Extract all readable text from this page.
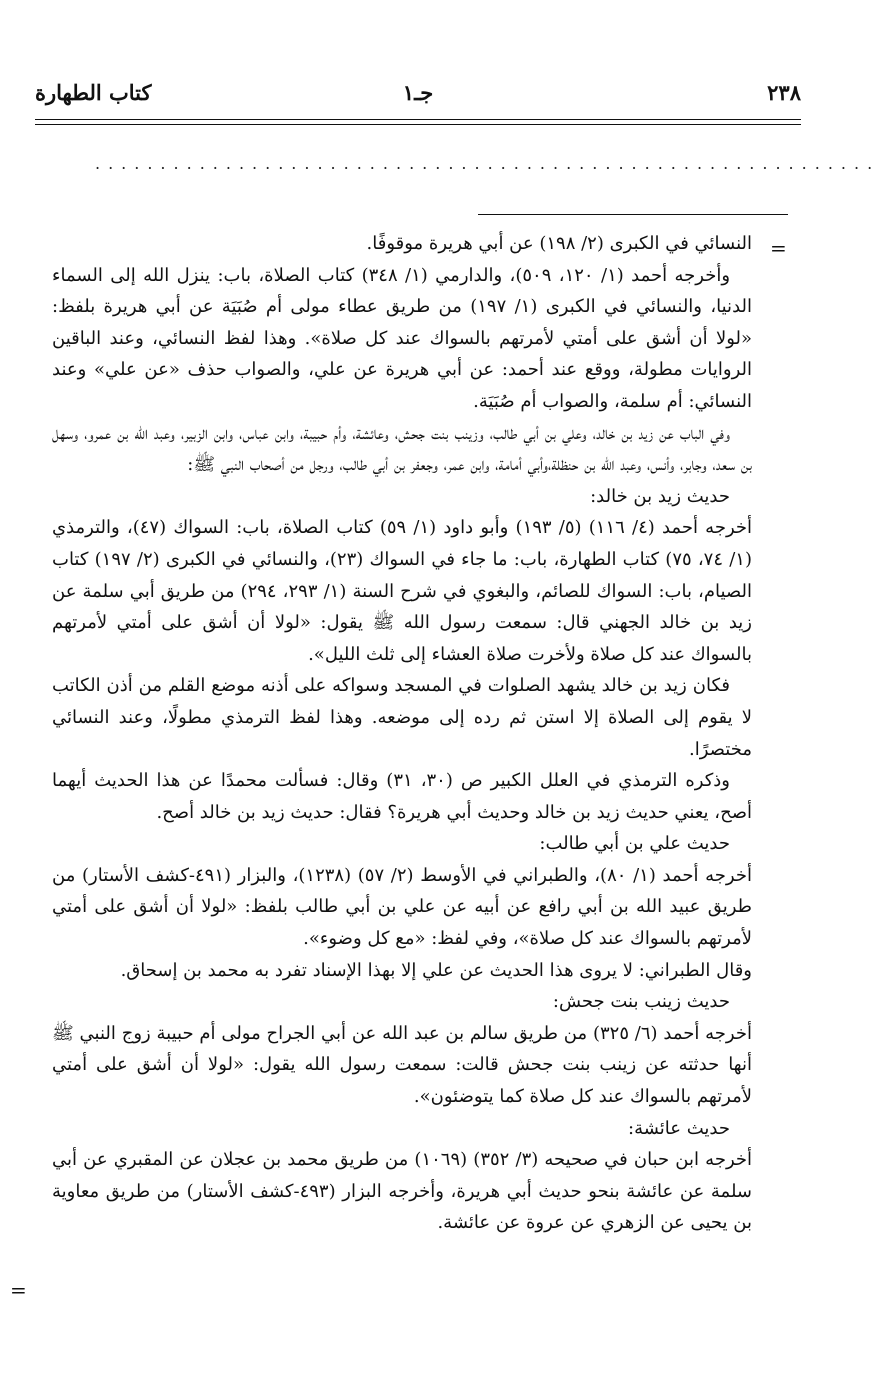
٢٣٨
جـ١
كتاب الطهارة
............................................................
=

النسائي في الكبرى (٢/ ١٩٨) عن أبي هريرة موقوفًا.

وأخرجه أحمد (١/ ١٢٠، ٥٠٩)، والدارمي (١/ ٣٤٨) كتاب الصلاة، باب: ينزل الله إلى السماء الدنيا، والنسائي في الكبرى (١/ ١٩٧) من طريق عطاء مولى أم صُبَيَة عن أبي هريرة بلفظ: «لولا أن أشق على أمتي لأمرتهم بالسواك عند كل صلاة». وهذا لفظ النسائي، وعند الباقين الروايات مطولة، ووقع عند أحمد: عن أبي هريرة عن علي، والصواب حذف «عن علي» وعند النسائي: أم سلمة، والصواب أم صُبَيَة.

وفي الباب عن زيد بن خالد، وعلي بن أبي طالب، وزينب بنت جحش، وعائشة، وأم حبيبة، وابن عباس، وابن الزبير، وعبد الله بن عمرو، وسهل بن سعد، وجابر، وأنس، وعبد الله بن حنظلة،وأبي أمامة، وابن عمر، وجعفر بن أبي طالب، ورجل من أصحاب النبي ﷺ:

حديث زيد بن خالد:

أخرجه أحمد (٤/ ١١٦) (٥/ ١٩٣) وأبو داود (١/ ٥٩) كتاب الصلاة، باب: السواك (٤٧)، والترمذي (١/ ٧٤، ٧٥) كتاب الطهارة، باب: ما جاء في السواك (٢٣)، والنسائي في الكبرى (٢/ ١٩٧) كتاب الصيام، باب: السواك للصائم، والبغوي في شرح السنة (١/ ٢٩٣، ٢٩٤) من طريق أبي سلمة عن زيد بن خالد الجهني قال: سمعت رسول الله ﷺ يقول: «لولا أن أشق على أمتي لأمرتهم بالسواك عند كل صلاة ولأخرت صلاة العشاء إلى ثلث الليل».

فكان زيد بن خالد يشهد الصلوات في المسجد وسواكه على أذنه موضع القلم من أذن الكاتب لا يقوم إلى الصلاة إلا استن ثم رده إلى موضعه. وهذا لفظ الترمذي مطولًا، وعند النسائي مختصرًا.

وذكره الترمذي في العلل الكبير ص (٣٠، ٣١) وقال: فسألت محمدًا عن هذا الحديث أيهما أصح، يعني حديث زيد بن خالد وحديث أبي هريرة؟ فقال: حديث زيد بن خالد أصح.

حديث علي بن أبي طالب:

أخرجه أحمد (١/ ٨٠)، والطبراني في الأوسط (٢/ ٥٧) (١٢٣٨)، والبزار (٤٩١-كشف الأستار) من طريق عبيد الله بن أبي رافع عن أبيه عن علي بن أبي طالب بلفظ: «لولا أن أشق على أمتي لأمرتهم بالسواك عند كل صلاة»، وفي لفظ: «مع كل وضوء».

وقال الطبراني: لا يروى هذا الحديث عن علي إلا بهذا الإسناد تفرد به محمد بن إسحاق.

حديث زينب بنت جحش:

أخرجه أحمد (٦/ ٣٢٥) من طريق سالم بن عبد الله عن أبي الجراح مولى أم حبيبة زوج النبي ﷺ أنها حدثته عن زينب بنت جحش قالت: سمعت رسول الله يقول: «لولا أن أشق على أمتي لأمرتهم بالسواك عند كل صلاة كما يتوضئون».

حديث عائشة:

أخرجه ابن حبان في صحيحه (٣/ ٣٥٢) (١٠٦٩) من طريق محمد بن عجلان عن المقبري عن أبي سلمة عن عائشة بنحو حديث أبي هريرة، وأخرجه البزار (٤٩٣-كشف الأستار) من طريق معاوية بن يحيى عن الزهري عن عروة عن عائشة.

=
